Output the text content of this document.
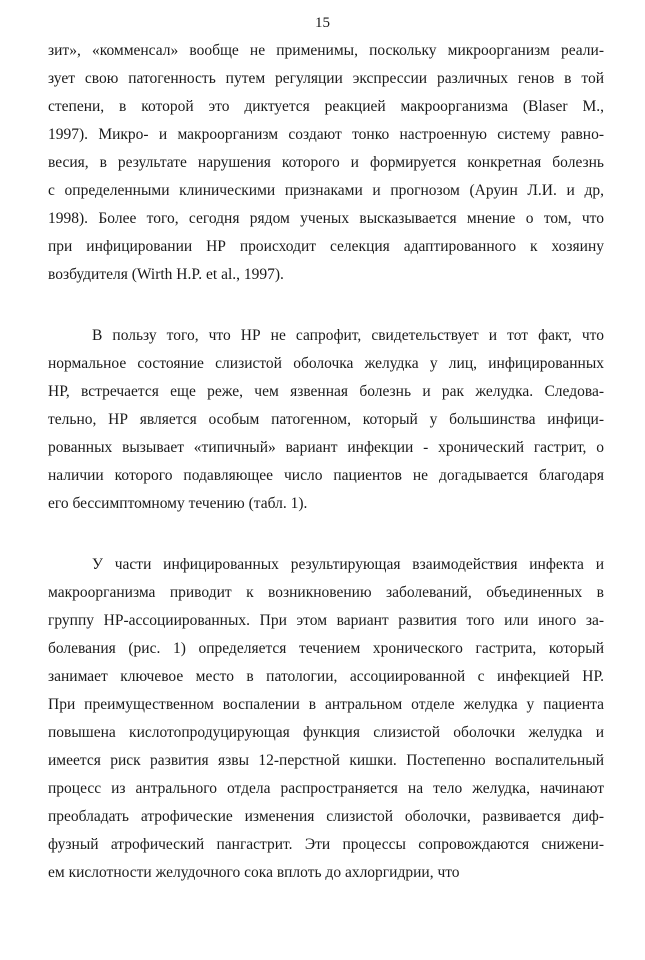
15
зит», «комменсал» вообще не применимы, поскольку микроорганизм реали-
зует свою патогенность путем регуляции экспрессии различных генов в той
степени, в которой это диктуется реакцией макроорганизма (Blaser M.,
1997). Микро- и макроорганизм создают тонко настроенную систему равно-
весия, в результате нарушения которого и формируется конкретная болезнь
с определенными клиническими признаками и прогнозом (Аруин Л.И. и др,
1998). Более того, сегодня рядом ученых высказывается мнение о том, что
при инфицировании НР происходит селекция адаптированного к хозяину
возбудителя (Wirth H.P. et al., 1997).
В пользу того, что НР не сапрофит, свидетельствует и тот факт, что
нормальное состояние слизистой оболочка желудка у лиц, инфицированных
НР, встречается еще реже, чем язвенная болезнь и рак желудка. Следова-
тельно, НР является особым патогенном, который у большинства инфици-
рованных вызывает «типичный» вариант инфекции - хронический гастрит, о
наличии которого подавляющее число пациентов не догадывается благодаря
его бессимптомному течению (табл. 1).
У части инфицированных результирующая взаимодействия инфекта и
макроорганизма приводит к возникновению заболеваний, объединенных в
группу НР-ассоциированных. При этом вариант развития того или иного за-
болевания (рис. 1) определяется течением хронического гастрита, который
занимает ключевое место в патологии, ассоциированной с инфекцией НР.
При преимущественном воспалении в антральном отделе желудка у пациента
повышена кислотопродуцирующая функция слизистой оболочки желудка и
имеется риск развития язвы 12-перстной кишки. Постепенно воспалительный
процесс из антрального отдела распространяется на тело желудка, начинают
преобладать атрофические изменения слизистой оболочки, развивается диф-
фузный атрофический пангастрит. Эти процессы сопровождаются снижени-
ем кислотности желудочного сока вплоть до ахлоргидрии, что
